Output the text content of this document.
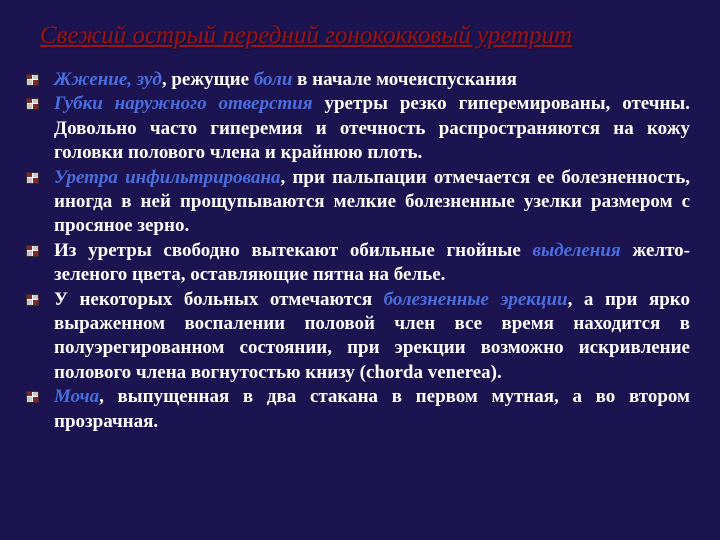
Свежий острый передний гонококковый уретрит
Жжение, зуд, режущие боли в начале мочеиспускания
Губки наружного отверстия уретры резко гиперемированы, отечны. Довольно часто гиперемия и отечность распространяются на кожу головки полового члена и крайнюю плоть.
Уретра инфильтрирована, при пальпации отмечается ее болезненность, иногда в ней прощупываются мелкие болезненные узелки размером с просяное зерно.
Из уретры свободно вытекают обильные гнойные выделения желто-зеленого цвета, оставляющие пятна на белье.
У некоторых больных отмечаются болезненные эрекции, а при ярко выраженном воспалении половой член все время находится в полуэрегированном состоянии, при эрекции возможно искривление полового члена вогнутостью книзу (chorda venerea).
Моча, выпущенная в два стакана в первом мутная, а во втором прозрачная.
